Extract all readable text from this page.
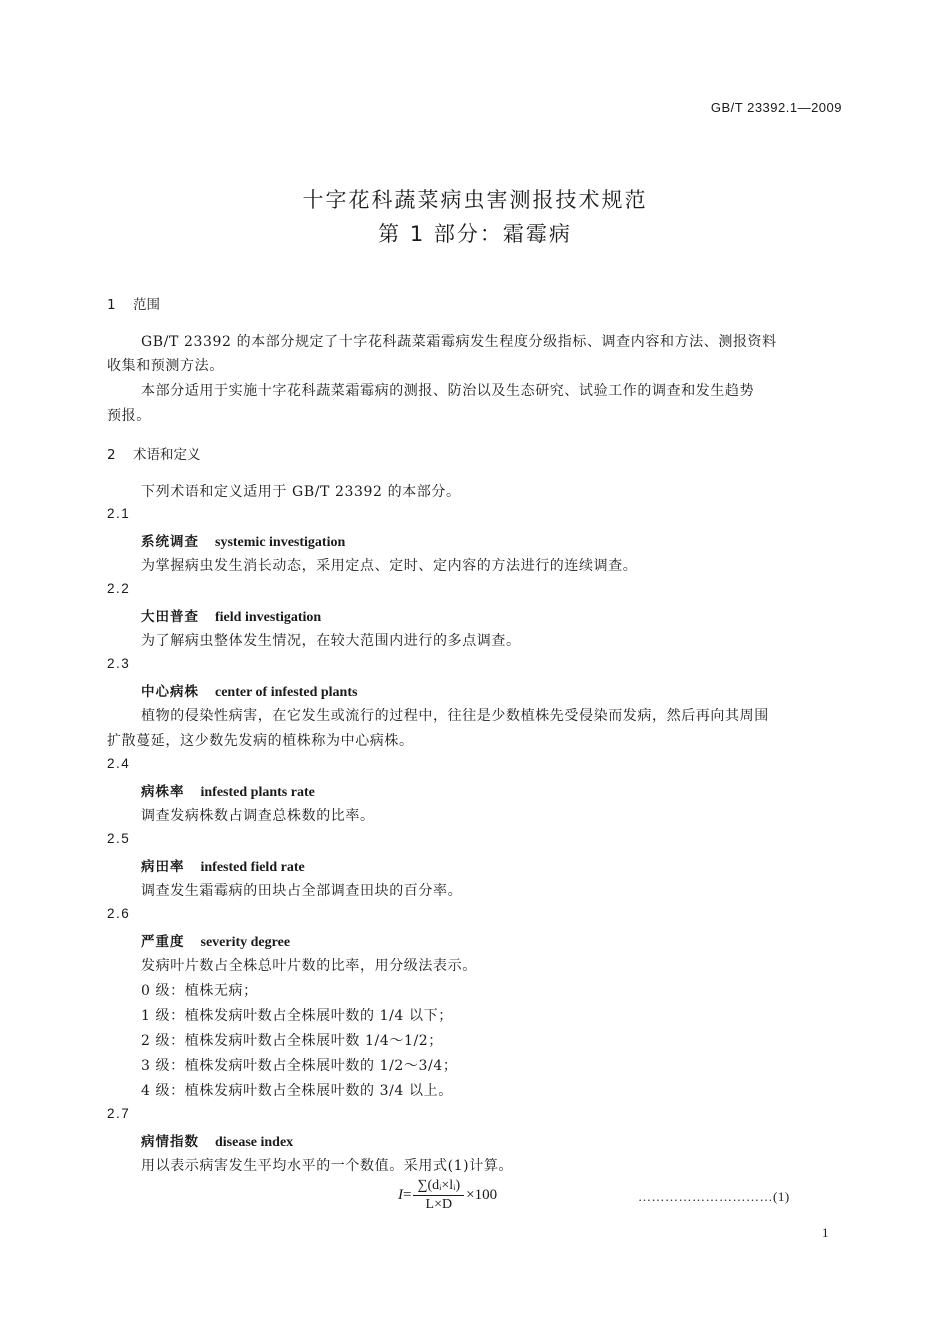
GB/T 23392.1—2009
十字花科蔬菜病虫害测报技术规范
第 1 部分：霜霉病
1 范围
GB/T 23392 的本部分规定了十字花科蔬菜霜霉病发生程度分级指标、调查内容和方法、测报资料
收集和预测方法。
本部分适用于实施十字花科蔬菜霜霉病的测报、防治以及生态研究、试验工作的调查和发生趋势
预报。
2 术语和定义
下列术语和定义适用于 GB/T 23392 的本部分。
2.1
系统调查 systemic investigation
为掌握病虫发生消长动态，采用定点、定时、定内容的方法进行的连续调查。
2.2
大田普查 field investigation
为了解病虫整体发生情况，在较大范围内进行的多点调查。
2.3
中心病株 center of infested plants
植物的侵染性病害，在它发生或流行的过程中，往往是少数植株先受侵染而发病，然后再向其周围
扩散蔓延，这少数先发病的植株称为中心病株。
2.4
病株率 infested plants rate
调查发病株数占调查总株数的比率。
2.5
病田率 infested field rate
调查发生霜霉病的田块占全部调查田块的百分率。
2.6
严重度 severity degree
发病叶片数占全株总叶片数的比率，用分级法表示。
0 级：植株无病；
1 级：植株发病叶数占全株展叶数的 1/4 以下；
2 级：植株发病叶数占全株展叶数 1/4～1/2；
3 级：植株发病叶数占全株展叶数的 1/2～3/4；
4 级：植株发病叶数占全株展叶数的 3/4 以上。
2.7
病情指数 disease index
用以表示病害发生平均水平的一个数值。采用式(1)计算。
$I = \frac{\text{∑(dᵢ×lᵢ)}}{L\times D} \times 100$	…………………………(1)
1
